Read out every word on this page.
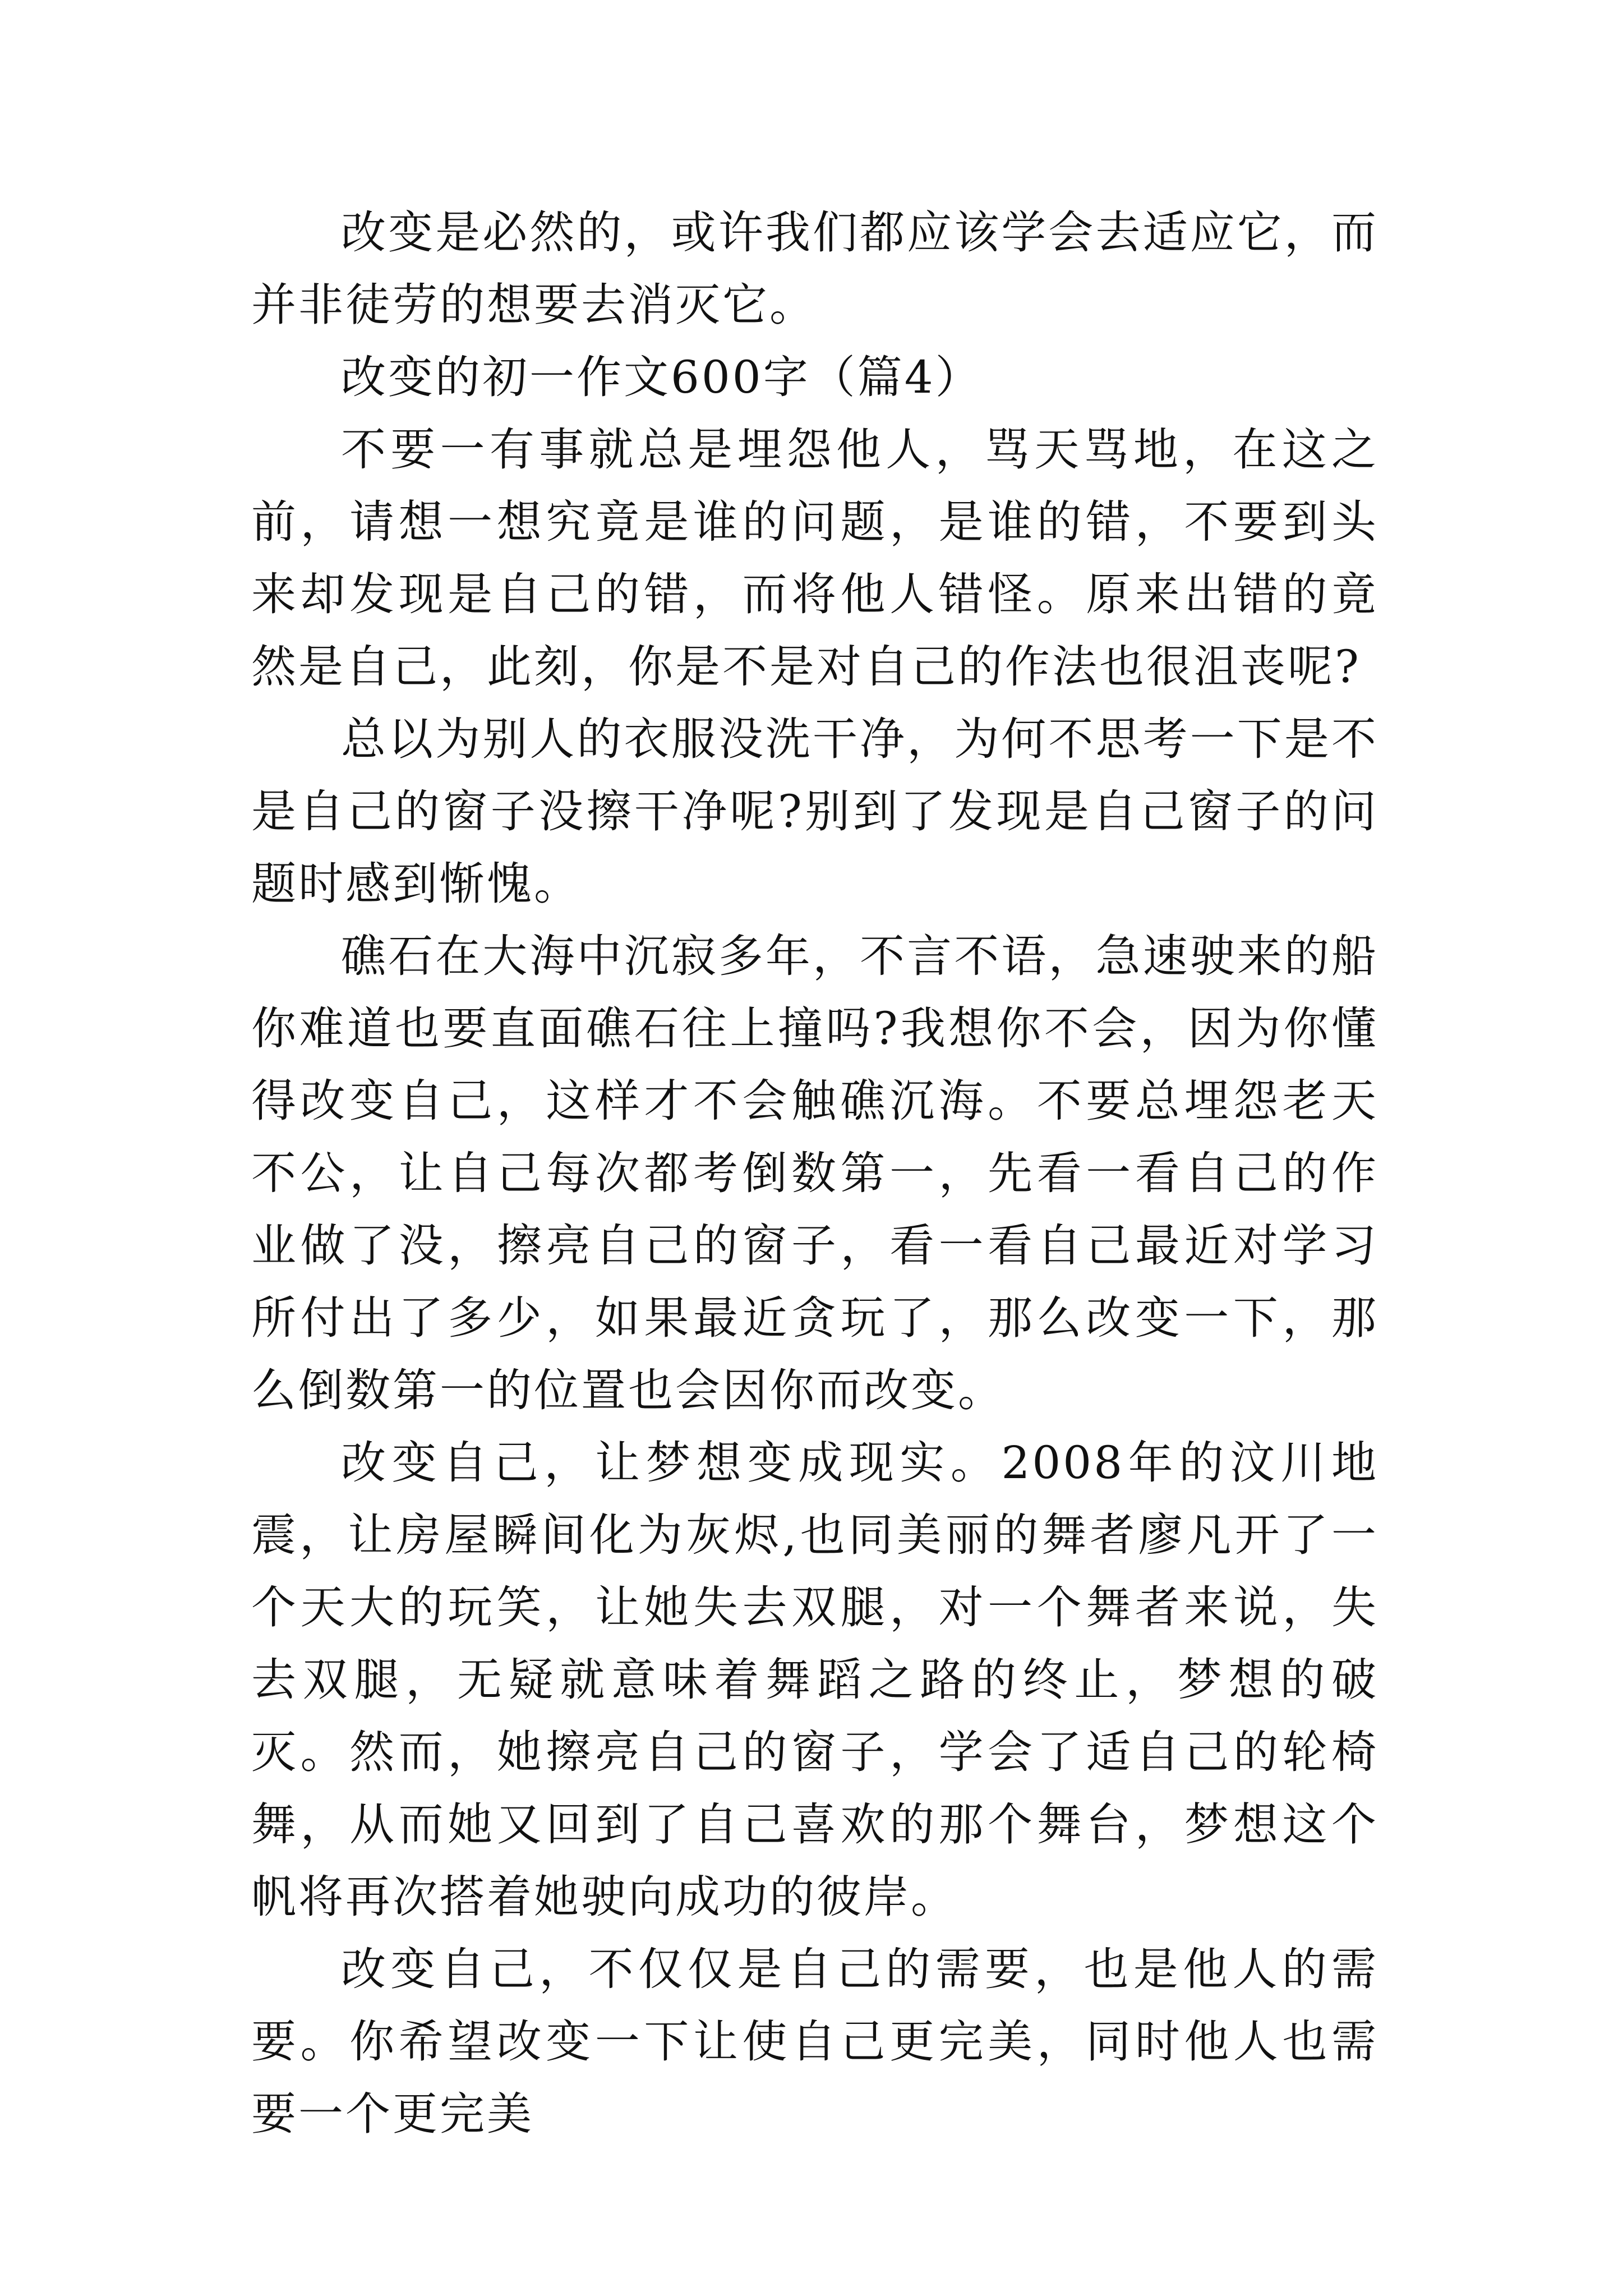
改变是必然的，或许我们都应该学会去适应它，而并非徒劳的想要去消灭它。

改变的初一作文600字（篇4）

不要一有事就总是埋怨他人，骂天骂地，在这之前，请想一想究竟是谁的问题，是谁的错，不要到头来却发现是自己的错，而将他人错怪。原来出错的竟然是自己，此刻，你是不是对自己的作法也很沮丧呢?

总以为别人的衣服没洗干净，为何不思考一下是不是自己的窗子没擦干净呢?别到了发现是自己窗子的问题时感到惭愧。

礁石在大海中沉寂多年，不言不语，急速驶来的船你难道也要直面礁石往上撞吗?我想你不会，因为你懂得改变自己，这样才不会触礁沉海。不要总埋怨老天不公，让自己每次都考倒数第一，先看一看自己的作业做了没，擦亮自己的窗子，看一看自己最近对学习所付出了多少，如果最近贪玩了，那么改变一下，那么倒数第一的位置也会因你而改变。

改变自己，让梦想变成现实。2008年的汶川地震，让房屋瞬间化为灰烬,也同美丽的舞者廖凡开了一个天大的玩笑，让她失去双腿，对一个舞者来说，失去双腿，无疑就意味着舞蹈之路的终止，梦想的破灭。然而，她擦亮自己的窗子，学会了适自己的轮椅舞，从而她又回到了自己喜欢的那个舞台，梦想这个帆将再次搭着她驶向成功的彼岸。

改变自己，不仅仅是自己的需要，也是他人的需要。你希望改变一下让使自己更完美，同时他人也需要一个更完美
